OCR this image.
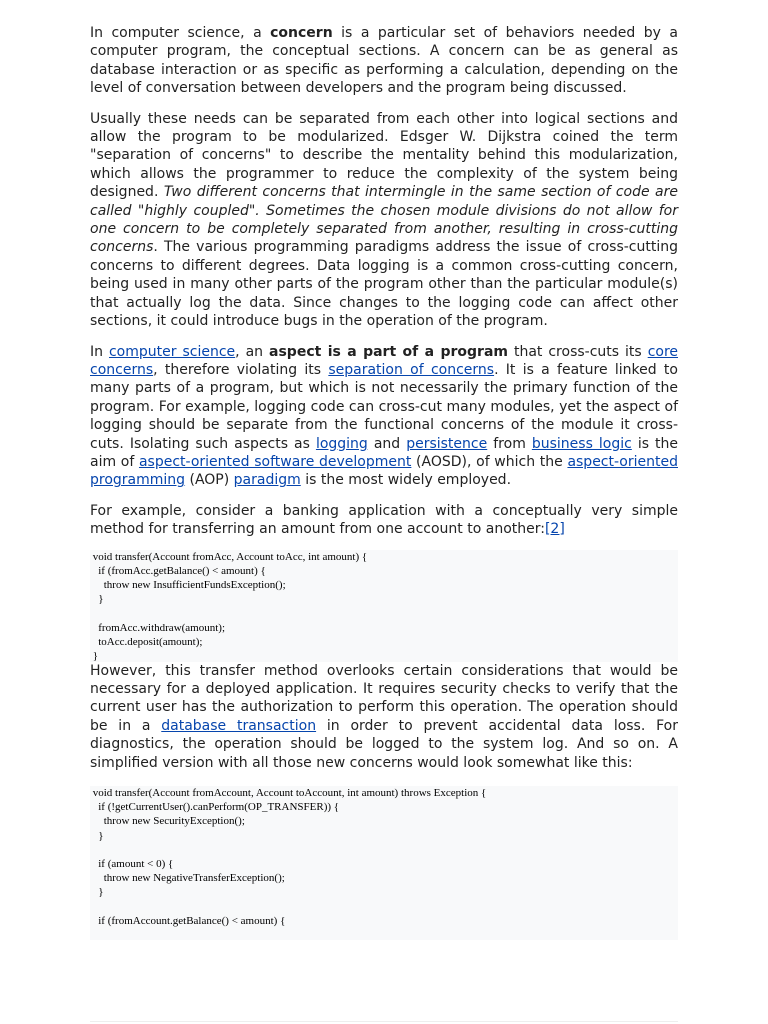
In computer science, a concern is a particular set of behaviors needed by a computer program, the conceptual sections. A concern can be as general as database interaction or as specific as performing a calculation, depending on the level of conversation between developers and the program being discussed.

Usually these needs can be separated from each other into logical sections and allow the program to be modularized. Edsger W. Dijkstra coined the term "separation of concerns" to describe the mentality behind this modularization, which allows the programmer to reduce the complexity of the system being designed. Two different concerns that intermingle in the same section of code are called "highly coupled". Sometimes the chosen module divisions do not allow for one concern to be completely separated from another, resulting in cross-cutting concerns. The various programming paradigms address the issue of cross-cutting concerns to different degrees. Data logging is a common cross-cutting concern, being used in many other parts of the program other than the particular module(s) that actually log the data. Since changes to the logging code can affect other sections, it could introduce bugs in the operation of the program.

In computer science, an aspect is a part of a program that cross-cuts its core concerns, therefore violating its separation of concerns. It is a feature linked to many parts of a program, but which is not necessarily the primary function of the program. For example, logging code can cross-cut many modules, yet the aspect of logging should be separate from the functional concerns of the module it cross-cuts. Isolating such aspects as logging and persistence from business logic is the aim of aspect-oriented software development (AOSD), of which the aspect-oriented programming (AOP) paradigm is the most widely employed.

For example, consider a banking application with a conceptually very simple method for transferring an amount from one account to another:[2]

void transfer(Account fromAcc, Account toAcc, int amount) {
if (fromAcc.getBalance() < amount) {
throw new InsufficientFundsException();
}

fromAcc.withdraw(amount);
toAcc.deposit(amount);
}

However, this transfer method overlooks certain considerations that would be necessary for a deployed application. It requires security checks to verify that the current user has the authorization to perform this operation. The operation should be in a database transaction in order to prevent accidental data loss. For diagnostics, the operation should be logged to the system log. And so on. A simplified version with all those new concerns would look somewhat like this:

void transfer(Account fromAccount, Account toAccount, int amount) throws Exception {
if (!getCurrentUser().canPerform(OP_TRANSFER)) {
throw new SecurityException();
}

if (amount < 0) {
throw new NegativeTransferException();
}

if (fromAccount.getBalance() < amount) {
